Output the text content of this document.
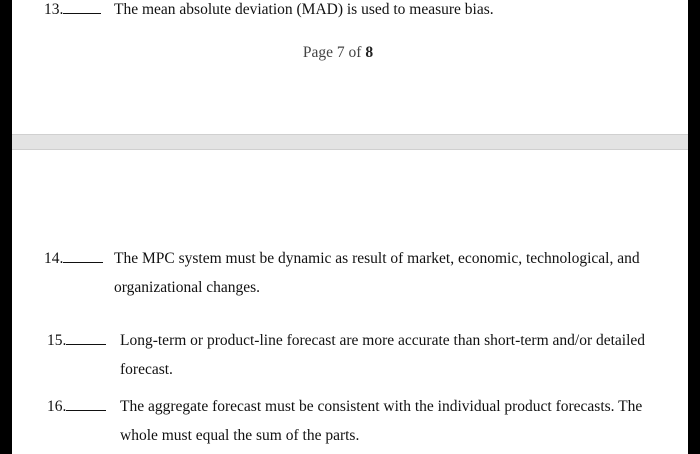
13.	The mean absolute deviation (MAD) is used to measure bias.
Page 7 of 8
14.	The MPC system must be dynamic as result of market, economic, technological, and organizational changes.
15.	Long-term or product-line forecast are more accurate than short-term and/or detailed forecast.
16.	The aggregate forecast must be consistent with the individual product forecasts. The whole must equal the sum of the parts.
